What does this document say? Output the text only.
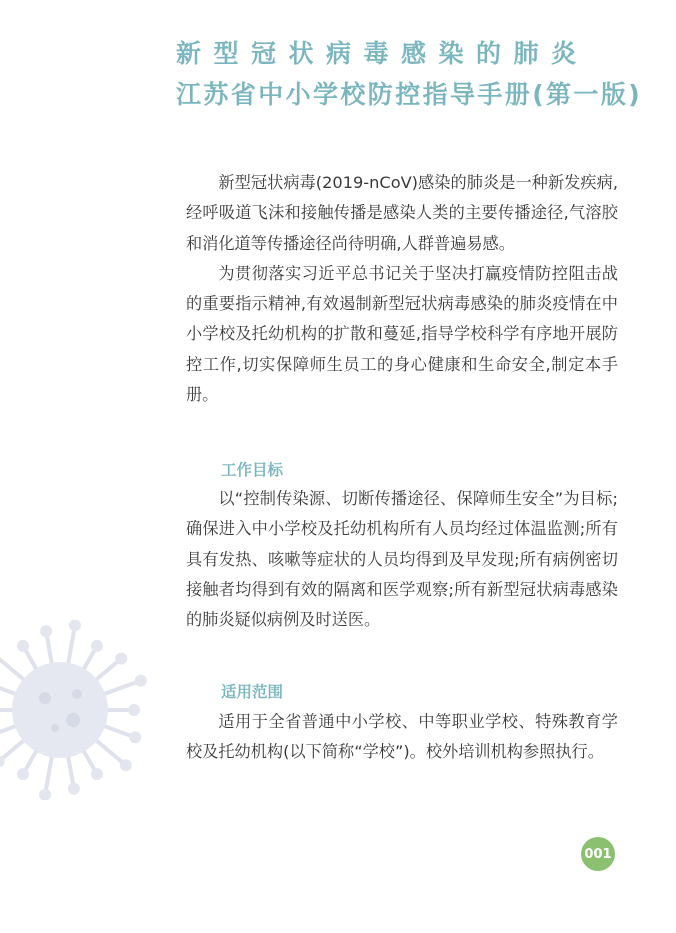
新型冠状病毒感染的肺炎
江苏省中小学校防控指导手册(第一版)

新型冠状病毒(2019-nCoV)感染的肺炎是一种新发疾病,经呼吸道飞沫和接触传播是感染人类的主要传播途径,气溶胶和消化道等传播途径尚待明确,人群普遍易感。

为贯彻落实习近平总书记关于坚决打赢疫情防控阻击战的重要指示精神,有效遏制新型冠状病毒感染的肺炎疫情在中小学校及托幼机构的扩散和蔓延,指导学校科学有序地开展防控工作,切实保障师生员工的身心健康和生命安全,制定本手册。

工作目标

以“控制传染源、切断传播途径、保障师生安全”为目标;确保进入中小学校及托幼机构所有人员均经过体温监测;所有具有发热、咳嗽等症状的人员均得到及早发现;所有病例密切接触者均得到有效的隔离和医学观察;所有新型冠状病毒感染的肺炎疑似病例及时送医。

适用范围

适用于全省普通中小学校、中等职业学校、特殊教育学校及托幼机构(以下简称“学校”)。校外培训机构参照执行。

001
